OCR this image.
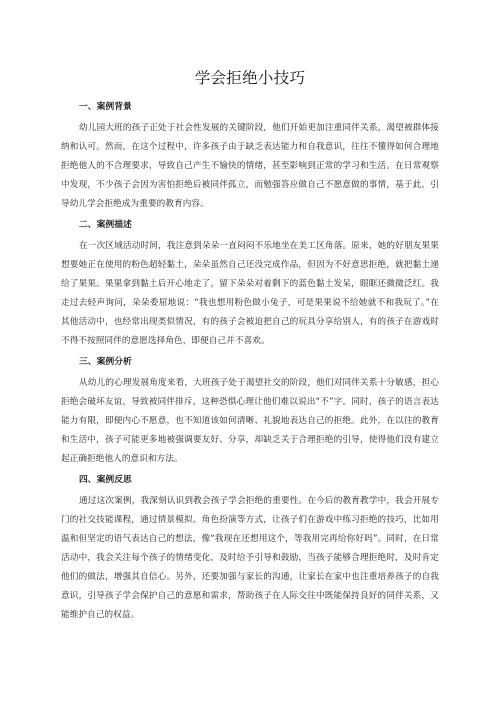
学会拒绝小技巧
一、案例背景

幼儿园大班的孩子正处于社会性发展的关键阶段，他们开始更加注重同伴关系，渴望被群体接纳和认可。然而，在这个过程中，许多孩子由于缺乏表达能力和自我意识，往往不懂得如何合理地拒绝他人的不合理要求，导致自己产生不愉快的情绪，甚至影响到正常的学习和生活。在日常观察中发现，不少孩子会因为害怕拒绝后被同伴孤立，而勉强答应做自己不愿意做的事情，基于此，引导幼儿学会拒绝成为重要的教育内容。

二、案例描述

在一次区域活动时间，我注意到朵朵一直闷闷不乐地坐在美工区角落。原来，她的好朋友果果想要她正在使用的粉色超轻黏土，朵朵虽然自己还没完成作品，但因为不好意思拒绝，就把黏土递给了果果。果果拿到黏土后开心地走了，留下朵朵对着剩下的蓝色黏土发呆，眼眶还微微泛红。我走过去轻声询问，朵朵委屈地说：“我也想用粉色做小兔子，可是果果说不给她就不和我玩了。”在其他活动中，也经常出现类似情况，有的孩子会被迫把自己的玩具分享给别人，有的孩子在游戏时不得不按照同伴的意愿选择角色，即便自己并不喜欢。

三、案例分析

从幼儿的心理发展角度来看，大班孩子处于渴望社交的阶段，他们对同伴关系十分敏感，担心拒绝会破坏友谊，导致被同伴排斥，这种恐惧心理让他们难以说出“不”字。同时，孩子的语言表达能力有限，即便内心不愿意，也不知道该如何清晰、礼貌地表达自己的拒绝。此外，在以往的教育和生活中，孩子可能更多地被强调要友好、分享，却缺乏关于合理拒绝的引导，使得他们没有建立起正确拒绝他人的意识和方法。

四、案例反思

通过这次案例，我深刻认识到教会孩子学会拒绝的重要性。在今后的教育教学中，我会开展专门的社交技能课程，通过情景模拟、角色扮演等方式，让孩子们在游戏中练习拒绝的技巧，比如用温和但坚定的语气表达自己的想法，像“我现在还想用这个，等我用完再给你好吗”。同时，在日常活动中，我会关注每个孩子的情绪变化，及时给予引导和鼓励，当孩子能够合理拒绝时，及时肯定他们的做法，增强其自信心。另外，还要加强与家长的沟通，让家长在家中也注重培养孩子的自我意识，引导孩子学会保护自己的意愿和需求，帮助孩子在人际交往中既能保持良好的同伴关系，又能维护自己的权益。
